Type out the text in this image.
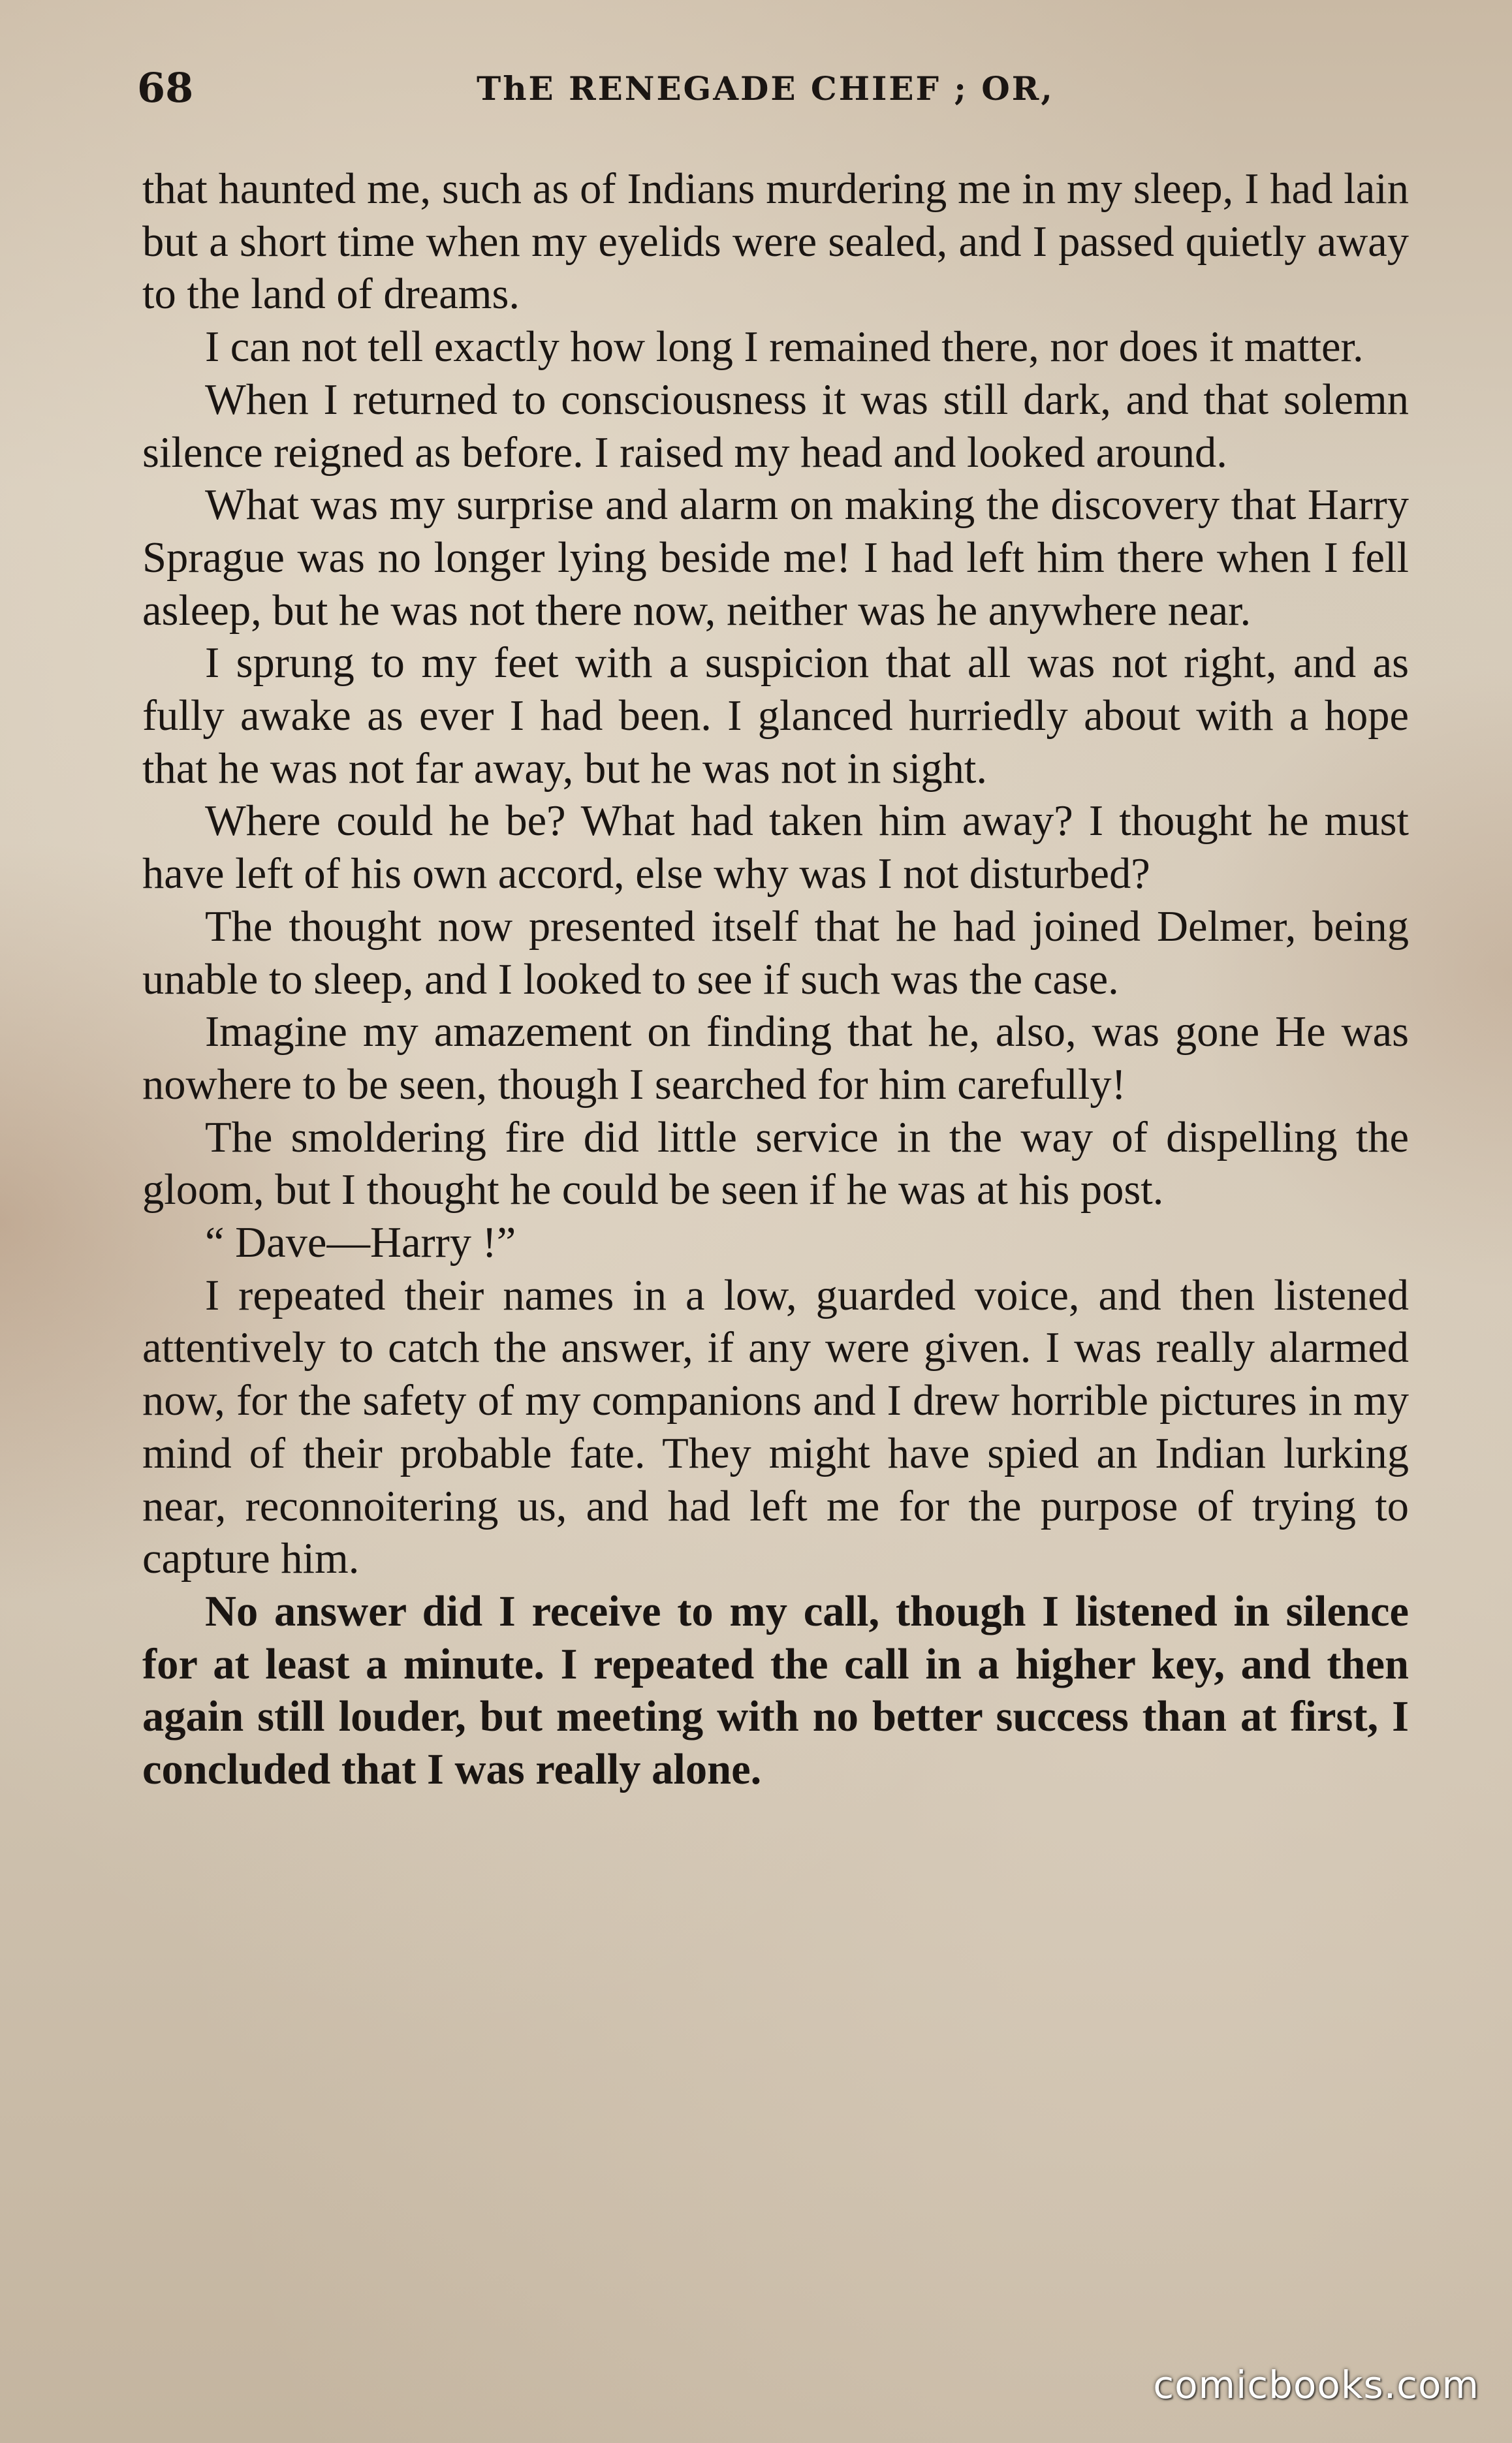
68	ThE RENEGADE CHIEF ; OR,

that haunted me, such as of Indians murdering me in my sleep, I had lain but a short time when my eyelids were sealed, and I passed quietly away to the land of dreams.

I can not tell exactly how long I remained there, nor does it matter.

When I returned to consciousness it was still dark, and that solemn silence reigned as before. I raised my head and looked around.

What was my surprise and alarm on making the discovery that Harry Sprague was no longer lying beside me! I had left him there when I fell asleep, but he was not there now, neither was he anywhere near.

I sprung to my feet with a suspicion that all was not right, and as fully awake as ever I had been. I glanced hurriedly about with a hope that he was not far away, but he was not in sight.

Where could he be? What had taken him away? I thought he must have left of his own accord, else why was I not disturbed?

The thought now presented itself that he had joined Delmer, being unable to sleep, and I looked to see if such was the case.

Imagine my amazement on finding that he, also, was gone He was nowhere to be seen, though I searched for him carefully!

The smoldering fire did little service in the way of dispelling the gloom, but I thought he could be seen if he was at his post.

“ Dave—Harry !”

I repeated their names in a low, guarded voice, and then listened attentively to catch the answer, if any were given. I was really alarmed now, for the safety of my companions and I drew horrible pictures in my mind of their probable fate. They might have spied an Indian lurking near, reconnoitering us, and had left me for the purpose of trying to capture him.

No answer did I receive to my call, though I listened in silence for at least a minute. I repeated the call in a higher key, and then again still louder, but meeting with no better success than at first, I concluded that I was really alone.

comicbooks.com
